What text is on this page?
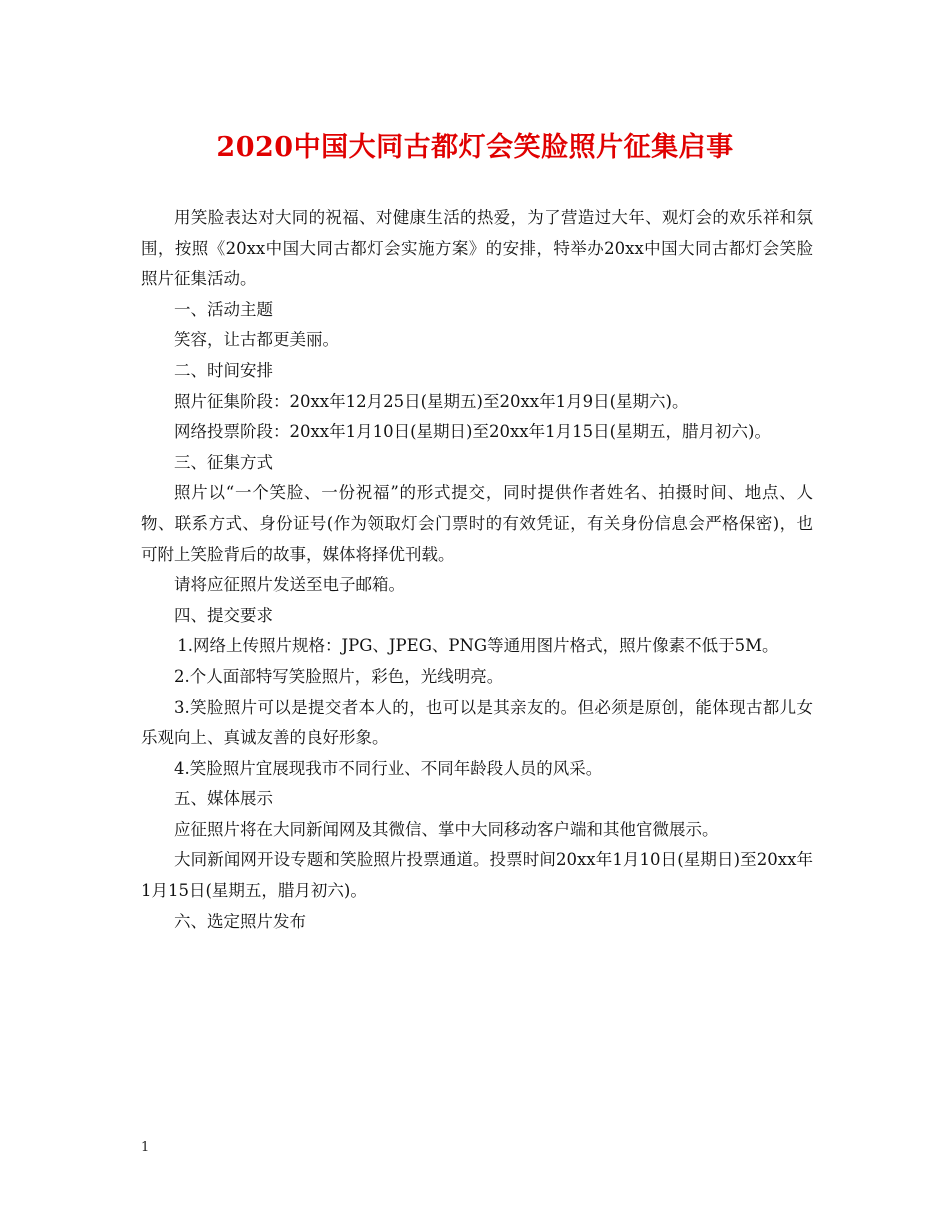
2020中国大同古都灯会笑脸照片征集启事

用笑脸表达对大同的祝福、对健康生活的热爱，为了营造过大年、观灯会的欢乐祥和氛围，按照《20xx中国大同古都灯会实施方案》的安排，特举办20xx中国大同古都灯会笑脸照片征集活动。

一、活动主题

笑容，让古都更美丽。

二、时间安排

照片征集阶段：20xx年12月25日(星期五)至20xx年1月9日(星期六)。

网络投票阶段：20xx年1月10日(星期日)至20xx年1月15日(星期五，腊月初六)。

三、征集方式

照片以“一个笑脸、一份祝福”的形式提交，同时提供作者姓名、拍摄时间、地点、人物、联系方式、身份证号(作为领取灯会门票时的有效凭证，有关身份信息会严格保密)，也可附上笑脸背后的故事，媒体将择优刊载。

请将应征照片发送至电子邮箱。

四、提交要求

1.网络上传照片规格：JPG、JPEG、PNG等通用图片格式，照片像素不低于5M。

2.个人面部特写笑脸照片，彩色，光线明亮。

3.笑脸照片可以是提交者本人的，也可以是其亲友的。但必须是原创，能体现古都儿女乐观向上、真诚友善的良好形象。

4.笑脸照片宜展现我市不同行业、不同年龄段人员的风采。

五、媒体展示

应征照片将在大同新闻网及其微信、掌中大同移动客户端和其他官微展示。

大同新闻网开设专题和笑脸照片投票通道。投票时间20xx年1月10日(星期日)至20xx年1月15日(星期五，腊月初六)。

六、选定照片发布

1
